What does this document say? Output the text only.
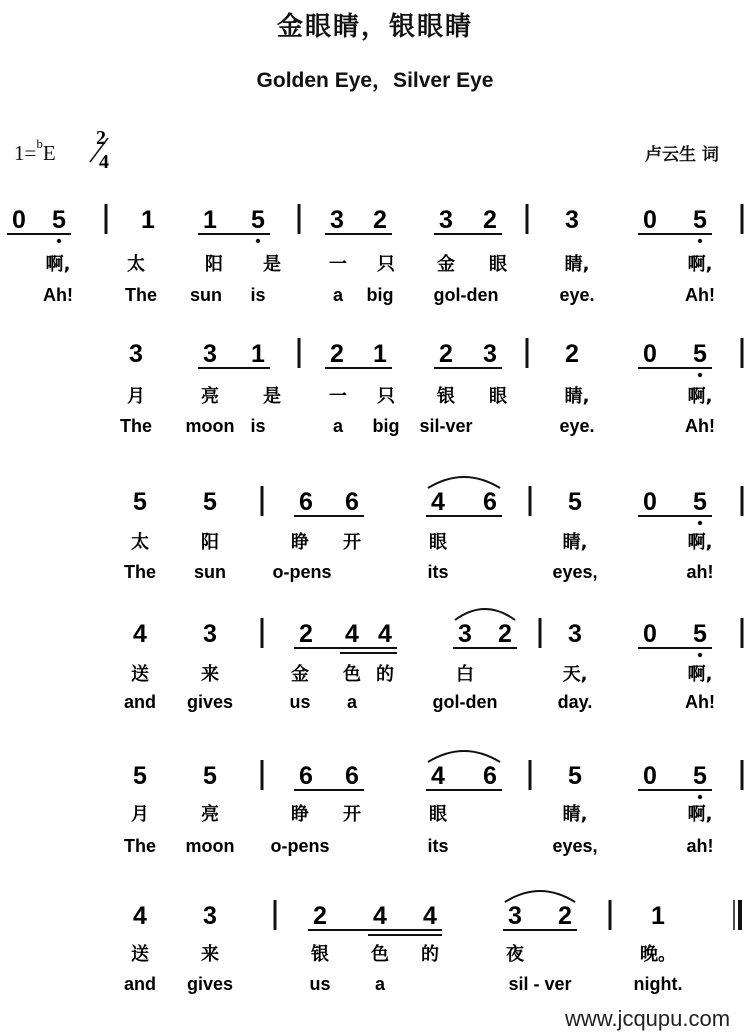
金眼睛，银眼睛
Golden Eye，Silver Eye
1=$^b$E
2
4	卢云生 词
www.jcqupu.com
0 5	1 1 5	3 2 3 2	3	0 5
啊,	太	阳 是	一 只 金 眼	睛,	啊,
Ah!	The sun is	a big gol-den	eye.	Ah!
3 3 1	2 1 2 3	2	0 5
月	亮 是	一 只 银 眼	睛,	啊,
The moon is	a big sil-ver	eye.	Ah!
5 5	6 6	4 6	5 0 5
太	阳	睁 开	眼	睛,	啊,
The sun	o-pens	its	eyes,	ah!
4 3	2 4 4	3 2 3 0 5
送	来	金 色 的	白	天,	啊,
and gives	us a	gol-den	day.	Ah!
5 5	6 6	4 6	5 0 5
月	亮	睁 开	眼	睛,	啊,
The moon o-pens	its	eyes,	ah!
4 3	2 4 4	3 2	1
送	来	银 色 的	夜	晚。
and gives	us a	sil - ver	night.
